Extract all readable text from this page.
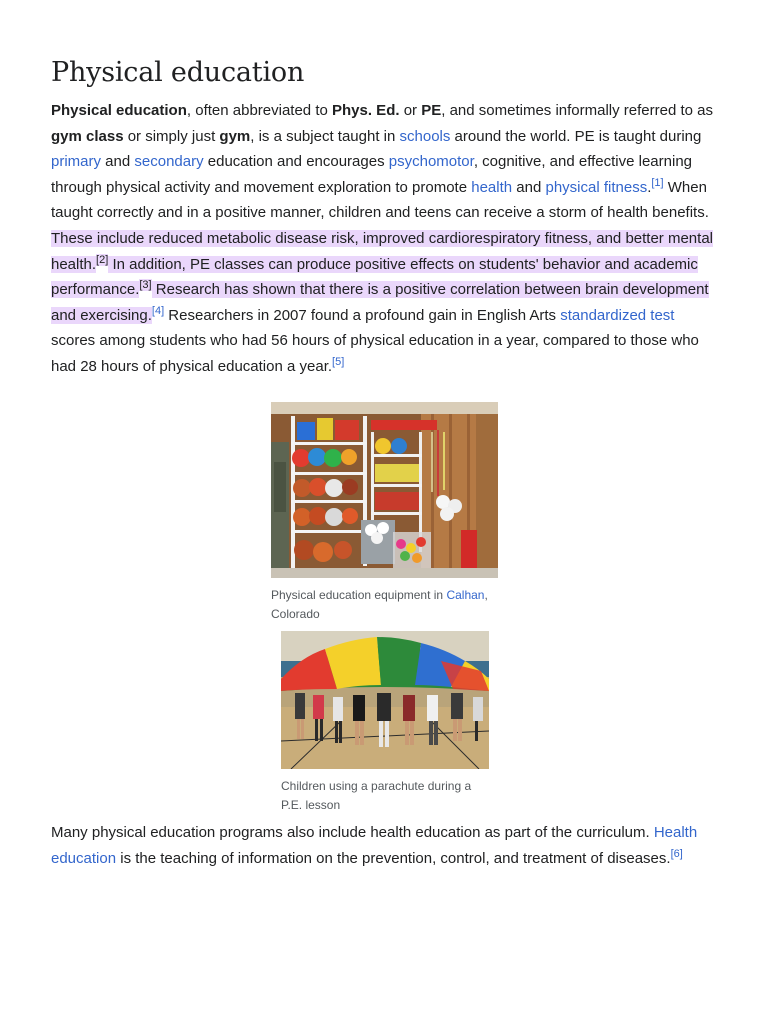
Physical education

Physical education, often abbreviated to Phys. Ed. or PE, and sometimes informally referred to as gym class or simply just gym, is a subject taught in schools around the world. PE is taught during primary and secondary education and encourages psychomotor, cognitive, and effective learning through physical activity and movement exploration to promote health and physical fitness.[1] When taught correctly and in a positive manner, children and teens can receive a storm of health benefits. These include reduced metabolic disease risk, improved cardiorespiratory fitness, and better mental health.[2] In addition, PE classes can produce positive effects on students' behavior and academic performance.[3] Research has shown that there is a positive correlation between brain development and exercising.[4] Researchers in 2007 found a profound gain in English Arts standardized test scores among students who had 56 hours of physical education in a year, compared to those who had 28 hours of physical education a year.[5]

Physical education equipment in Calhan, Colorado
Children using a parachute during a P.E. lesson

Many physical education programs also include health education as part of the curriculum. Health education is the teaching of information on the prevention, control, and treatment of diseases.[6]
